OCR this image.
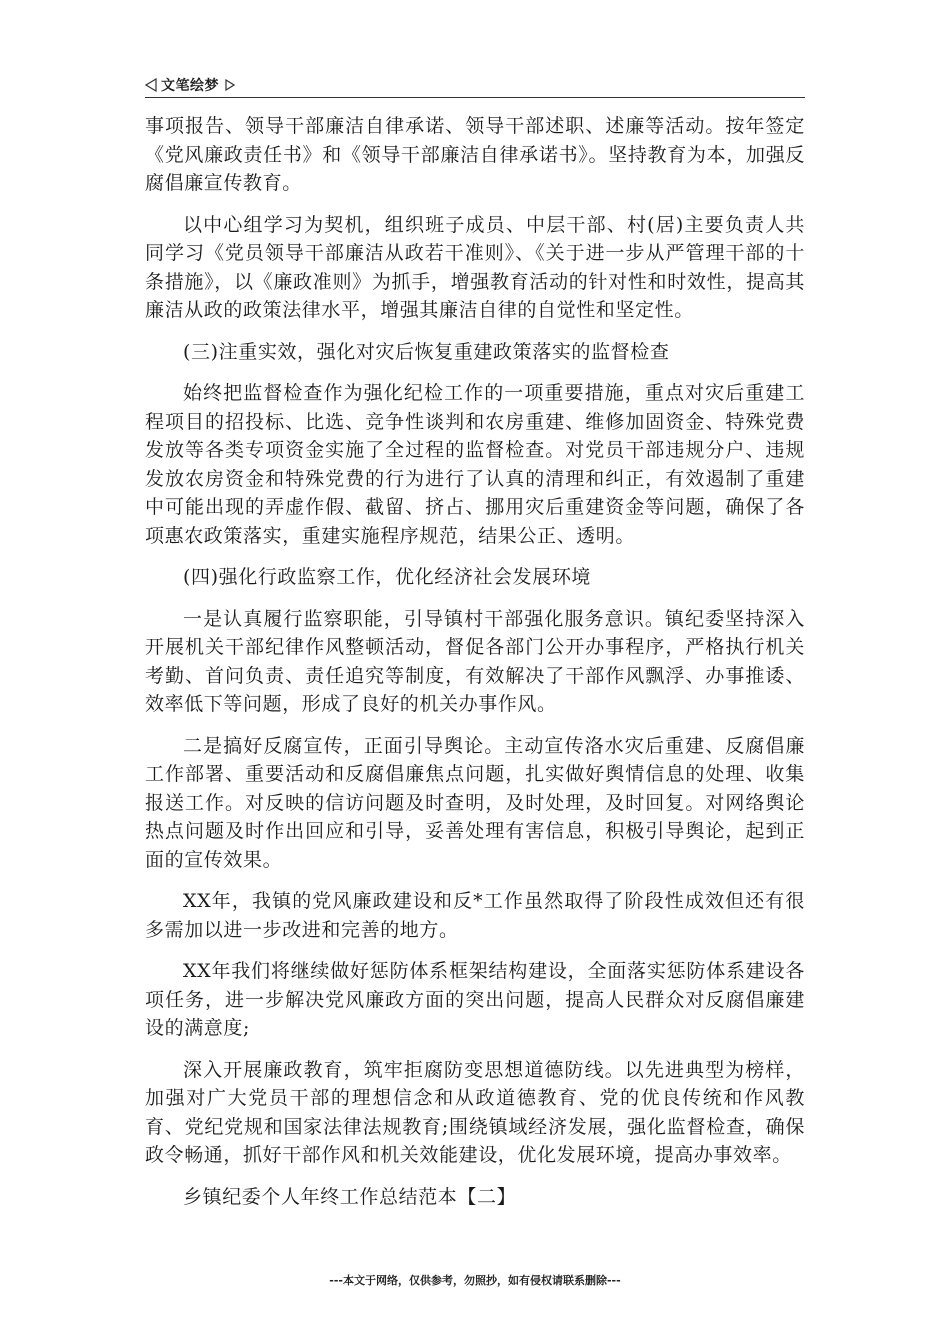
文笔绘梦

事项报告、领导干部廉洁自律承诺、领导干部述职、述廉等活动。按年签定《党风廉政责任书》和《领导干部廉洁自律承诺书》。坚持教育为本，加强反腐倡廉宣传教育。

以中心组学习为契机，组织班子成员、中层干部、村(居)主要负责人共同学习《党员领导干部廉洁从政若干准则》、《关于进一步从严管理干部的十条措施》，以《廉政准则》为抓手，增强教育活动的针对性和时效性，提高其廉洁从政的政策法律水平，增强其廉洁自律的自觉性和坚定性。

(三)注重实效，强化对灾后恢复重建政策落实的监督检查

始终把监督检查作为强化纪检工作的一项重要措施，重点对灾后重建工程项目的招投标、比选、竞争性谈判和农房重建、维修加固资金、特殊党费发放等各类专项资金实施了全过程的监督检查。对党员干部违规分户、违规发放农房资金和特殊党费的行为进行了认真的清理和纠正，有效遏制了重建中可能出现的弄虚作假、截留、挤占、挪用灾后重建资金等问题，确保了各项惠农政策落实，重建实施程序规范，结果公正、透明。

(四)强化行政监察工作，优化经济社会发展环境

一是认真履行监察职能，引导镇村干部强化服务意识。镇纪委坚持深入开展机关干部纪律作风整顿活动，督促各部门公开办事程序，严格执行机关考勤、首问负责、责任追究等制度，有效解决了干部作风飘浮、办事推诿、效率低下等问题，形成了良好的机关办事作风。

二是搞好反腐宣传，正面引导舆论。主动宣传洛水灾后重建、反腐倡廉工作部署、重要活动和反腐倡廉焦点问题，扎实做好舆情信息的处理、收集报送工作。对反映的信访问题及时查明，及时处理，及时回复。对网络舆论热点问题及时作出回应和引导，妥善处理有害信息，积极引导舆论，起到正面的宣传效果。

XX年，我镇的党风廉政建设和反*工作虽然取得了阶段性成效但还有很多需加以进一步改进和完善的地方。

XX年我们将继续做好惩防体系框架结构建设，全面落实惩防体系建设各项任务，进一步解决党风廉政方面的突出问题，提高人民群众对反腐倡廉建设的满意度;

深入开展廉政教育，筑牢拒腐防变思想道德防线。以先进典型为榜样，加强对广大党员干部的理想信念和从政道德教育、党的优良传统和作风教育、党纪党规和国家法律法规教育;围绕镇域经济发展，强化监督检查，确保政令畅通，抓好干部作风和机关效能建设，优化发展环境，提高办事效率。

乡镇纪委个人年终工作总结范本【二】

---本文于网络，仅供参考，勿照抄，如有侵权请联系删除---
